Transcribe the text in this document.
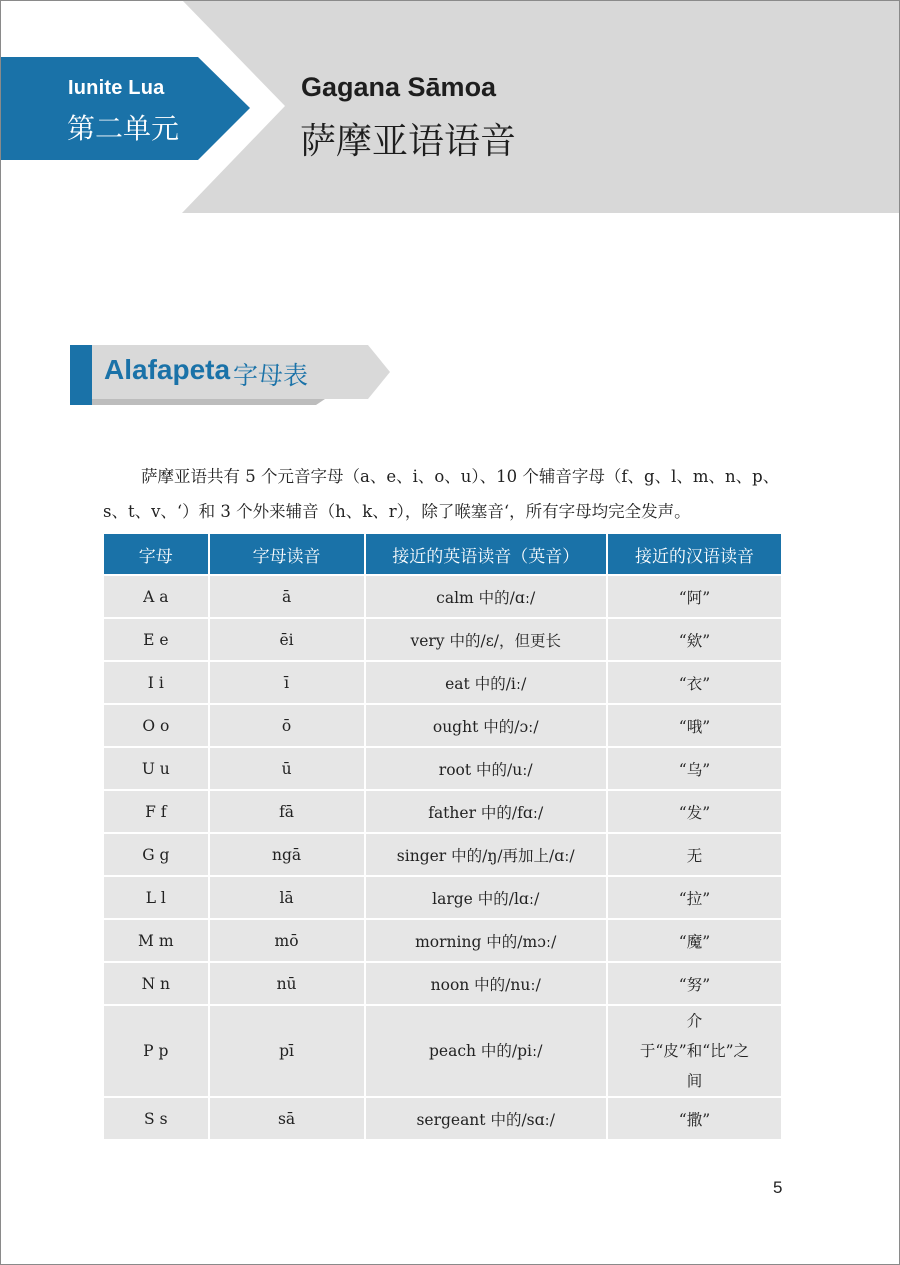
Iunite Lua
第二单元
Gagana Sāmoa
萨摩亚语语音
Alafapeta 字母表

萨摩亚语共有 5 个元音字母（a、e、i、o、u）、10 个辅音字母（f、g、l、m、n、p、s、t、v、‘）和 3 个外来辅音（h、k、r），除了喉塞音‘，所有字母均完全发声。

字母	字母读音	接近的英语读音（英音）	接近的汉语读音
A a	ā	calm 中的/ɑː/	“阿”
E e	ēi	very 中的/ɛ/，但更长	“欸”
I i	ī	eat 中的/iː/	“衣”
O o	ō	ought 中的/ɔː/	“哦”
U u	ū	root 中的/uː/	“乌”
F f	fā	father 中的/fɑː/	“发”
G g	ngā	singer 中的/ŋ/再加上/ɑː/	无
L l	lā	large 中的/lɑː/	“拉”
M m	mō	morning 中的/mɔː/	“魔”
N n	nū	noon 中的/nuː/	“努”
P p	pī	peach 中的/piː/	介于“皮”和“比”之间
S s	sā	sergeant 中的/sɑː/	“撒”
5
